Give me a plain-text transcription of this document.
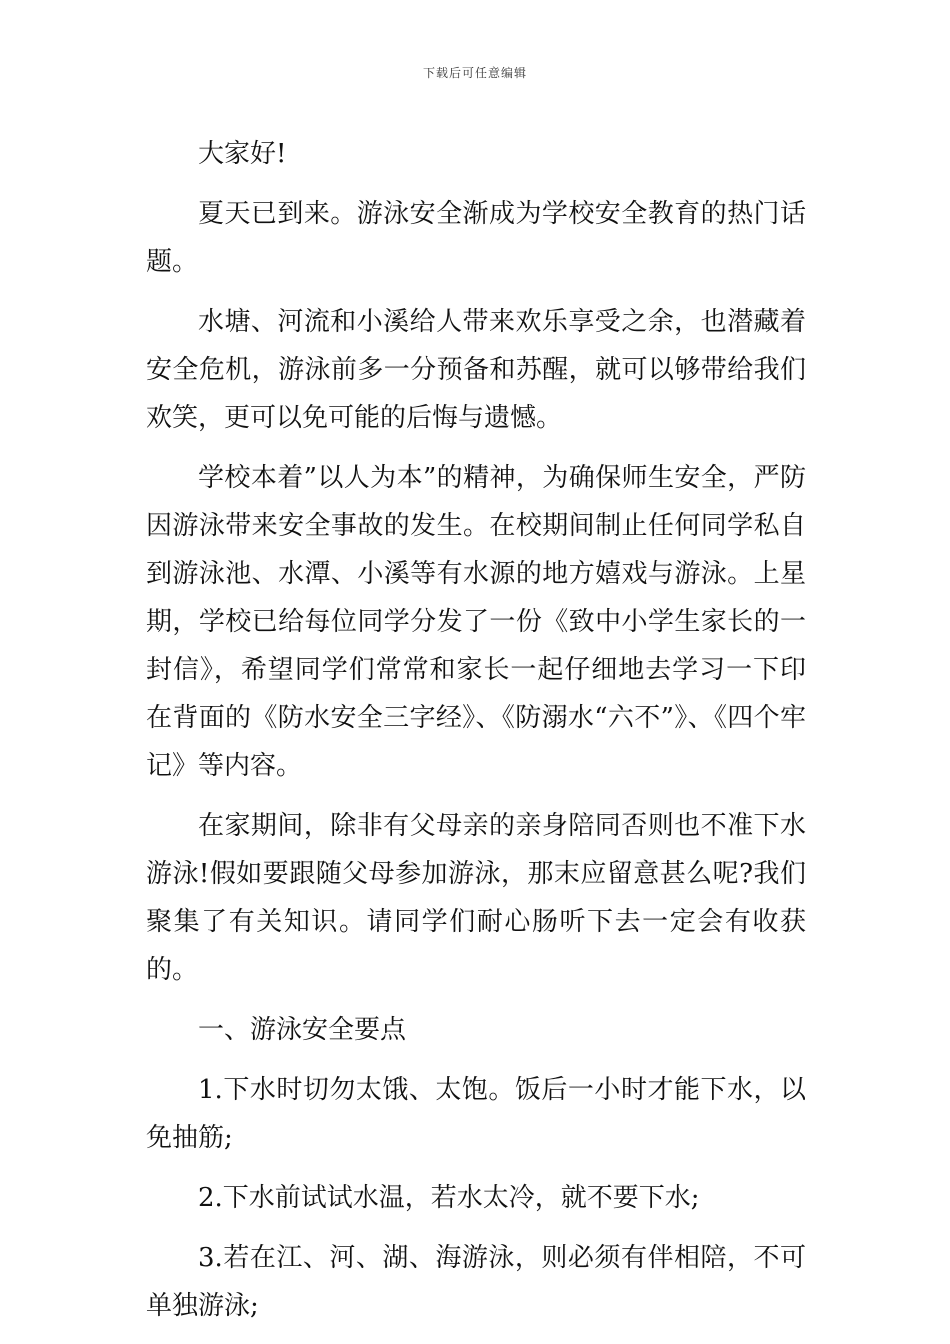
下载后可任意编辑

大家好!

夏天已到来。游泳安全渐成为学校安全教育的热门话题。

水塘、河流和小溪给人带来欢乐享受之余，也潜藏着安全危机，游泳前多一分预备和苏醒，就可以够带给我们欢笑，更可以免可能的后悔与遗憾。

学校本着”以人为本”的精神，为确保师生安全，严防因游泳带来安全事故的发生。在校期间制止任何同学私自到游泳池、水潭、小溪等有水源的地方嬉戏与游泳。上星期，学校已给每位同学分发了一份《致中小学生家长的一封信》，希望同学们常常和家长一起仔细地去学习一下印在背面的《防水安全三字经》、《防溺水“六不”》、《四个牢记》等内容。

在家期间，除非有父母亲的亲身陪同否则也不准下水游泳!假如要跟随父母参加游泳，那末应留意甚么呢?我们聚集了有关知识。请同学们耐心肠听下去一定会有收获的。

一、游泳安全要点

1.下水时切勿太饿、太饱。饭后一小时才能下水，以免抽筋;

2.下水前试试水温，若水太冷，就不要下水;

3.若在江、河、湖、海游泳，则必须有伴相陪，不可单独游泳;
